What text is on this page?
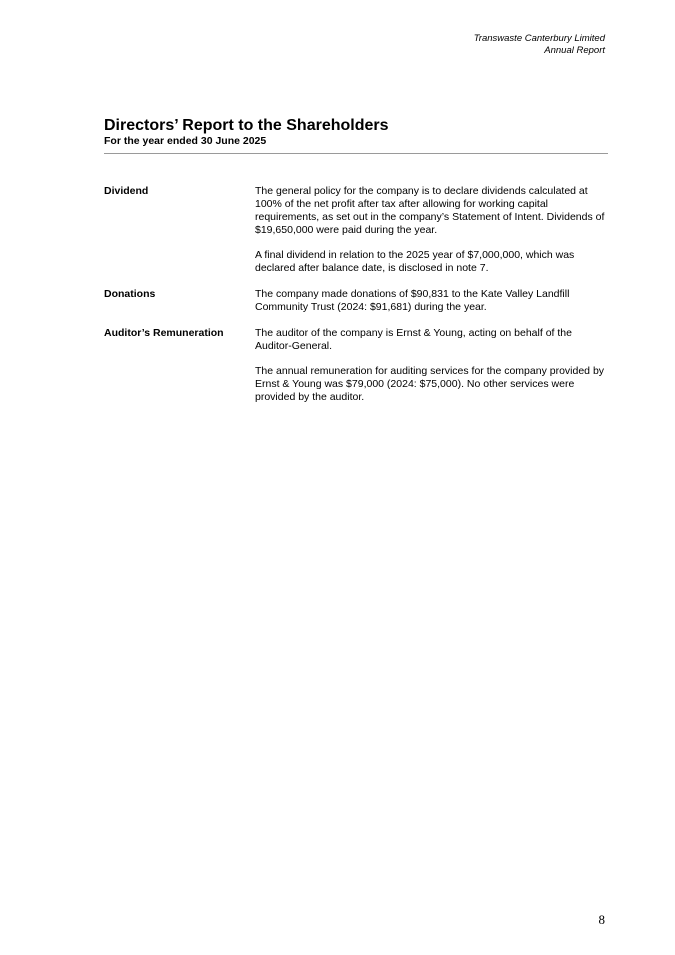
Transwaste Canterbury Limited
Annual Report
Directors’ Report to the Shareholders
For the year ended 30 June 2025
Dividend	The general policy for the company is to declare dividends calculated at 100% of the net profit after tax after allowing for working capital requirements, as set out in the company’s Statement of Intent. Dividends of $19,650,000 were paid during the year.

A final dividend in relation to the 2025 year of $7,000,000, which was declared after balance date, is disclosed in note 7.

Donations	The company made donations of $90,831 to the Kate Valley Landfill Community Trust (2024: $91,681) during the year.

Auditor’s Remuneration	The auditor of the company is Ernst & Young, acting on behalf of the Auditor-General.

The annual remuneration for auditing services for the company provided by Ernst & Young was $79,000 (2024: $75,000). No other services were provided by the auditor.

8
